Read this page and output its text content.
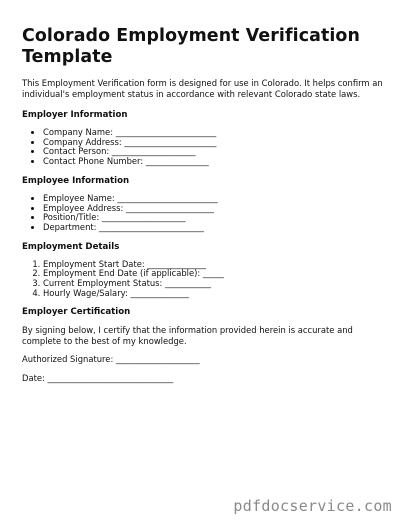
Colorado Employment Verification Template

This Employment Verification form is designed for use in Colorado. It helps confirm an individual's employment status in accordance with relevant Colorado state laws.

Employer Information
• Company Name: ________________________
• Company Address: ______________________
• Contact Person: ____________________
• Contact Phone Number: _______________
Employee Information
• Employee Name: ________________________
• Employee Address: _____________________
• Position/Title: ____________________
• Department: _________________________
Employment Details
1. Employment Start Date: ______________
2. Employment End Date (if applicable): _____
3. Current Employment Status: ___________
4. Hourly Wage/Salary: ______________
Employer Certification

By signing below, I certify that the information provided herein is accurate and complete to the best of my knowledge.

Authorized Signature: ____________________

Date: ______________________________

pdfdocservice.com
